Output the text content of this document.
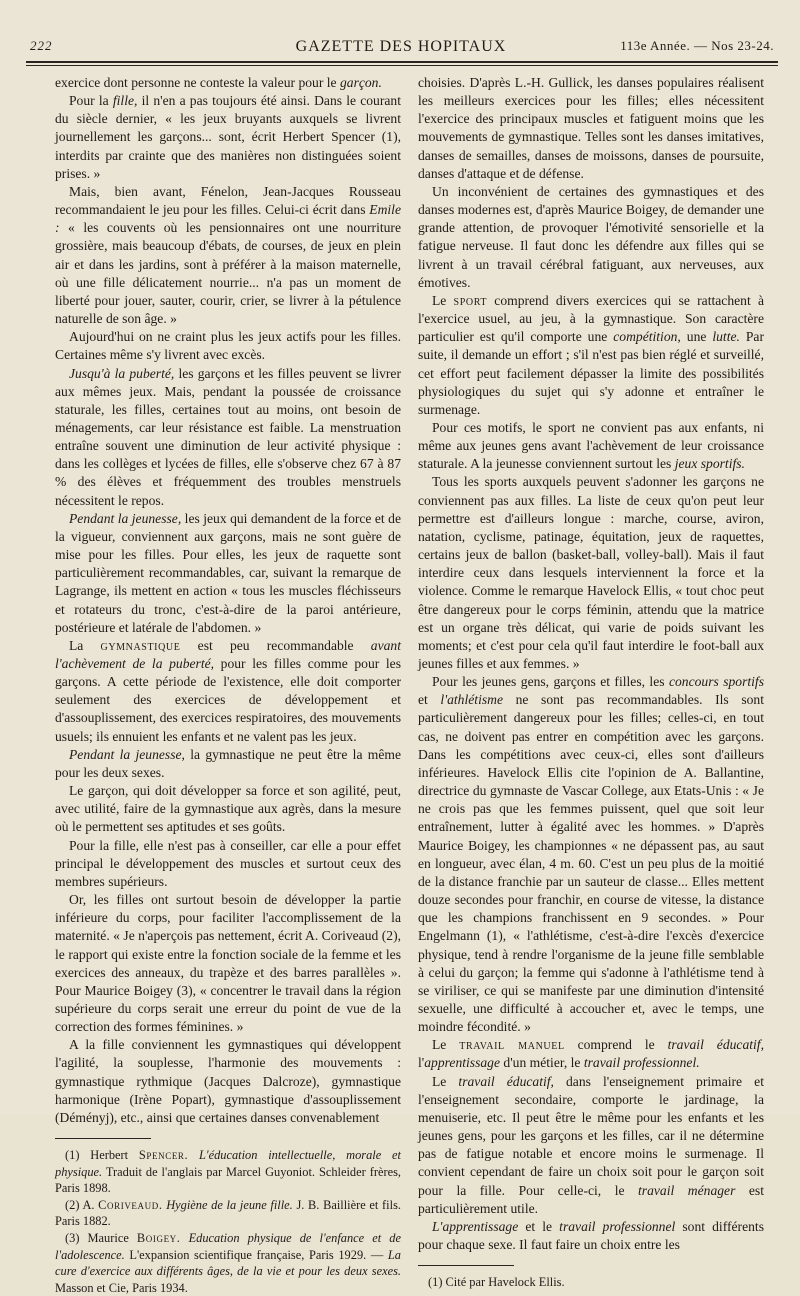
222	GAZETTE DES HOPITAUX	113e Année. — Nos 23-24.

exercice dont personne ne conteste la valeur pour le garçon.

Pour la fille, il n'en a pas toujours été ainsi. Dans le courant du siècle dernier, « les jeux bruyants auxquels se livrent journellement les garçons... sont, écrit Herbert Spencer (1), interdits par crainte que des manières non distinguées soient prises. »

Mais, bien avant, Fénelon, Jean-Jacques Rousseau recommandaient le jeu pour les filles. Celui-ci écrit dans Emile : « les couvents où les pensionnaires ont une nourriture grossière, mais beaucoup d'ébats, de courses, de jeux en plein air et dans les jardins, sont à préférer à la maison maternelle, où une fille délicatement nourrie... n'a pas un moment de liberté pour jouer, sauter, courir, crier, se livrer à la pétulence naturelle de son âge. »

Aujourd'hui on ne craint plus les jeux actifs pour les filles. Certaines même s'y livrent avec excès.

Jusqu'à la puberté, les garçons et les filles peuvent se livrer aux mêmes jeux. Mais, pendant la poussée de croissance staturale, les filles, certaines tout au moins, ont besoin de ménagements, car leur résistance est faible. La menstruation entraîne souvent une diminution de leur activité physique : dans les collèges et lycées de filles, elle s'observe chez 67 à 87 % des élèves et fréquemment des troubles menstruels nécessitent le repos.

Pendant la jeunesse, les jeux qui demandent de la force et de la vigueur, conviennent aux garçons, mais ne sont guère de mise pour les filles. Pour elles, les jeux de raquette sont particulièrement recommandables, car, suivant la remarque de Lagrange, ils mettent en action « tous les muscles fléchisseurs et rotateurs du tronc, c'est-à-dire de la paroi antérieure, postérieure et latérale de l'abdomen. »

La gymnastique est peu recommandable avant l'achèvement de la puberté, pour les filles comme pour les garçons. A cette période de l'existence, elle doit comporter seulement des exercices de développement et d'assouplissement, des exercices respiratoires, des mouvements usuels; ils ennuient les enfants et ne valent pas les jeux.

Pendant la jeunesse, la gymnastique ne peut être la même pour les deux sexes.

Le garçon, qui doit développer sa force et son agilité, peut, avec utilité, faire de la gymnastique aux agrès, dans la mesure où le permettent ses aptitudes et ses goûts.

Pour la fille, elle n'est pas à conseiller, car elle a pour effet principal le développement des muscles et surtout ceux des membres supérieurs.

Or, les filles ont surtout besoin de développer la partie inférieure du corps, pour faciliter l'accomplissement de la maternité. « Je n'aperçois pas nettement, écrit A. Coriveaud (2), le rapport qui existe entre la fonction sociale de la femme et les exercices des anneaux, du trapèze et des barres parallèles ». Pour Maurice Boigey (3), « concentrer le travail dans la région supérieure du corps serait une erreur du point de vue de la correction des formes féminines. »

A la fille conviennent les gymnastiques qui développent l'agilité, la souplesse, l'harmonie des mouvements : gymnastique rythmique (Jacques Dalcroze), gymnastique harmonique (Irène Popart), gymnastique d'assouplissement (Déményj), etc., ainsi que certaines danses convenablement

(1) Herbert Spencer. L'éducation intellectuelle, morale et physique. Traduit de l'anglais par Marcel Guyoniot. Schleider frères, Paris 1898.

(2) A. Coriveaud. Hygiène de la jeune fille. J. B. Baillière et fils. Paris 1882.

(3) Maurice Boigey. Education physique de l'enfance et de l'adolescence. L'expansion scientifique française, Paris 1929. — La cure d'exercice aux différents âges, de la vie et pour les deux sexes. Masson et Cie, Paris 1934.

choisies. D'après L.-H. Gullick, les danses populaires réalisent les meilleurs exercices pour les filles; elles nécessitent l'exercice des principaux muscles et fatiguent moins que les mouvements de gymnastique. Telles sont les danses imitatives, danses de semailles, danses de moissons, danses de poursuite, danses d'attaque et de défense.

Un inconvénient de certaines des gymnastiques et des danses modernes est, d'après Maurice Boigey, de demander une grande attention, de provoquer l'émotivité sensorielle et la fatigue nerveuse. Il faut donc les défendre aux filles qui se livrent à un travail cérébral fatiguant, aux nerveuses, aux émotives.

Le sport comprend divers exercices qui se rattachent à l'exercice usuel, au jeu, à la gymnastique. Son caractère particulier est qu'il comporte une compétition, une lutte. Par suite, il demande un effort ; s'il n'est pas bien réglé et surveillé, cet effort peut facilement dépasser la limite des possibilités physiologiques du sujet qui s'y adonne et entraîner le surmenage.

Pour ces motifs, le sport ne convient pas aux enfants, ni même aux jeunes gens avant l'achèvement de leur croissance staturale. A la jeunesse conviennent surtout les jeux sportifs.

Tous les sports auxquels peuvent s'adonner les garçons ne conviennent pas aux filles. La liste de ceux qu'on peut leur permettre est d'ailleurs longue : marche, course, aviron, natation, cyclisme, patinage, équitation, jeux de raquettes, certains jeux de ballon (basket-ball, volley-ball). Mais il faut interdire ceux dans lesquels interviennent la force et la violence. Comme le remarque Havelock Ellis, « tout choc peut être dangereux pour le corps féminin, attendu que la matrice est un organe très délicat, qui varie de poids suivant les moments; et c'est pour cela qu'il faut interdire le foot-ball aux jeunes filles et aux femmes. »

Pour les jeunes gens, garçons et filles, les concours sportifs et l'athlétisme ne sont pas recommandables. Ils sont particulièrement dangereux pour les filles; celles-ci, en tout cas, ne doivent pas entrer en compétition avec les garçons. Dans les compétitions avec ceux-ci, elles sont d'ailleurs inférieures. Havelock Ellis cite l'opinion de A. Ballantine, directrice du gymnaste de Vascar College, aux Etats-Unis : « Je ne crois pas que les femmes puissent, quel que soit leur entraînement, lutter à égalité avec les hommes. » D'après Maurice Boigey, les championnes « ne dépassent pas, au saut en longueur, avec élan, 4 m. 60. C'est un peu plus de la moitié de la distance franchie par un sauteur de classe... Elles mettent douze secondes pour franchir, en course de vitesse, la distance que les champions franchissent en 9 secondes. » Pour Engelmann (1), « l'athlétisme, c'est-à-dire l'excès d'exercice physique, tend à rendre l'organisme de la jeune fille semblable à celui du garçon; la femme qui s'adonne à l'athlétisme tend à se viriliser, ce qui se manifeste par une diminution d'intensité sexuelle, une difficulté à accoucher et, avec le temps, une moindre fécondité. »

Le travail manuel comprend le travail éducatif, l'apprentissage d'un métier, le travail professionnel.

Le travail éducatif, dans l'enseignement primaire et l'enseignement secondaire, comporte le jardinage, la menuiserie, etc. Il peut être le même pour les enfants et les jeunes gens, pour les garçons et les filles, car il ne détermine pas de fatigue notable et encore moins le surmenage. Il convient cependant de faire un choix soit pour le garçon soit pour la fille. Pour celle-ci, le travail ménager est particulièrement utile.

L'apprentissage et le travail professionnel sont différents pour chaque sexe. Il faut faire un choix entre les

(1) Cité par Havelock Ellis.
